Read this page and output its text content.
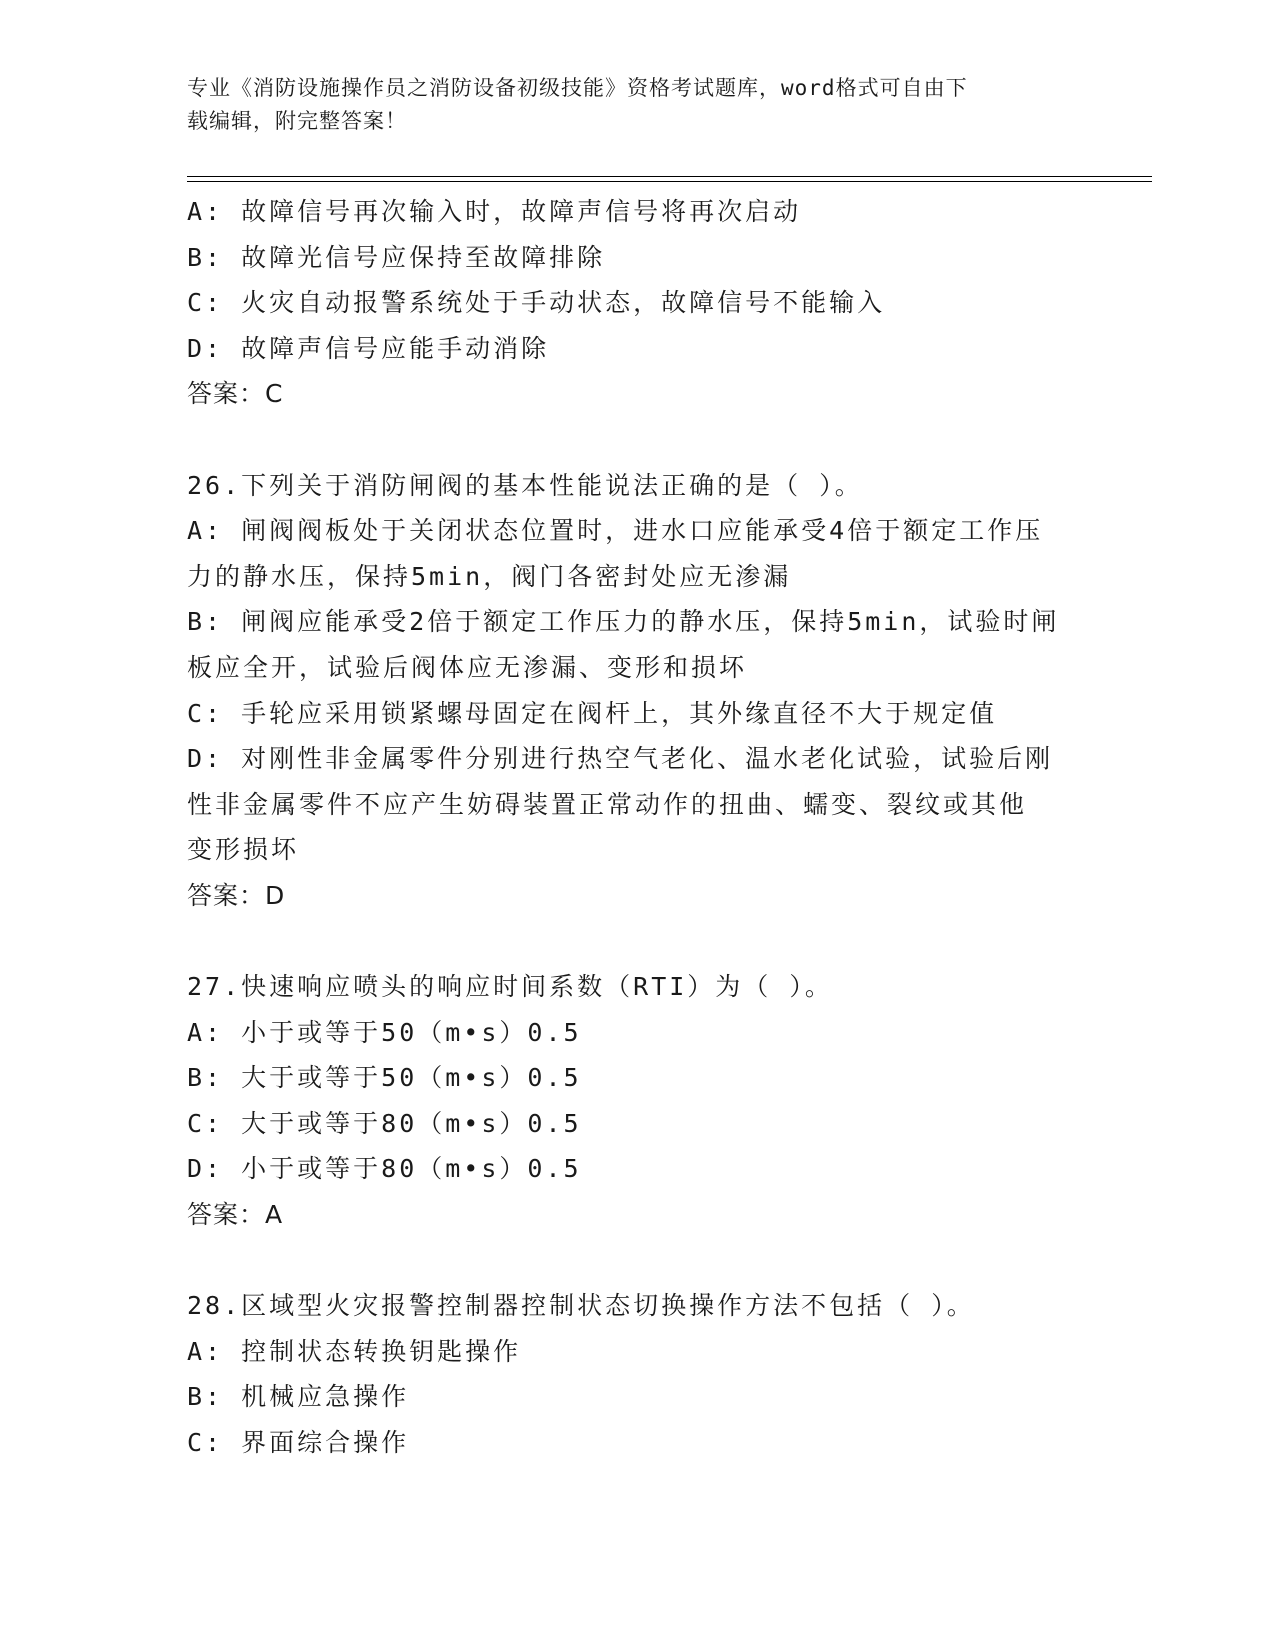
专业《消防设施操作员之消防设备初级技能》资格考试题库，word格式可自由下
载编辑，附完整答案！
A: 故障信号再次输入时，故障声信号将再次启动
B: 故障光信号应保持至故障排除
C: 火灾自动报警系统处于手动状态，故障信号不能输入
D: 故障声信号应能手动消除
答案：C
26.下列关于消防闸阀的基本性能说法正确的是（ ）。
A: 闸阀阀板处于关闭状态位置时，进水口应能承受4倍于额定工作压
力的静水压，保持5min，阀门各密封处应无渗漏
B: 闸阀应能承受2倍于额定工作压力的静水压，保持5min，试验时闸
板应全开，试验后阀体应无渗漏、变形和损坏
C: 手轮应采用锁紧螺母固定在阀杆上，其外缘直径不大于规定值
D: 对刚性非金属零件分别进行热空气老化、温水老化试验，试验后刚
性非金属零件不应产生妨碍装置正常动作的扭曲、蠕变、裂纹或其他
变形损坏
答案：D
27.快速响应喷头的响应时间系数（RTI）为（ ）。
A: 小于或等于50（m•s）0.5
B: 大于或等于50（m•s）0.5
C: 大于或等于80（m•s）0.5
D: 小于或等于80（m•s）0.5
答案：A
28.区域型火灾报警控制器控制状态切换操作方法不包括（ ）。
A: 控制状态转换钥匙操作
B: 机械应急操作
C: 界面综合操作
